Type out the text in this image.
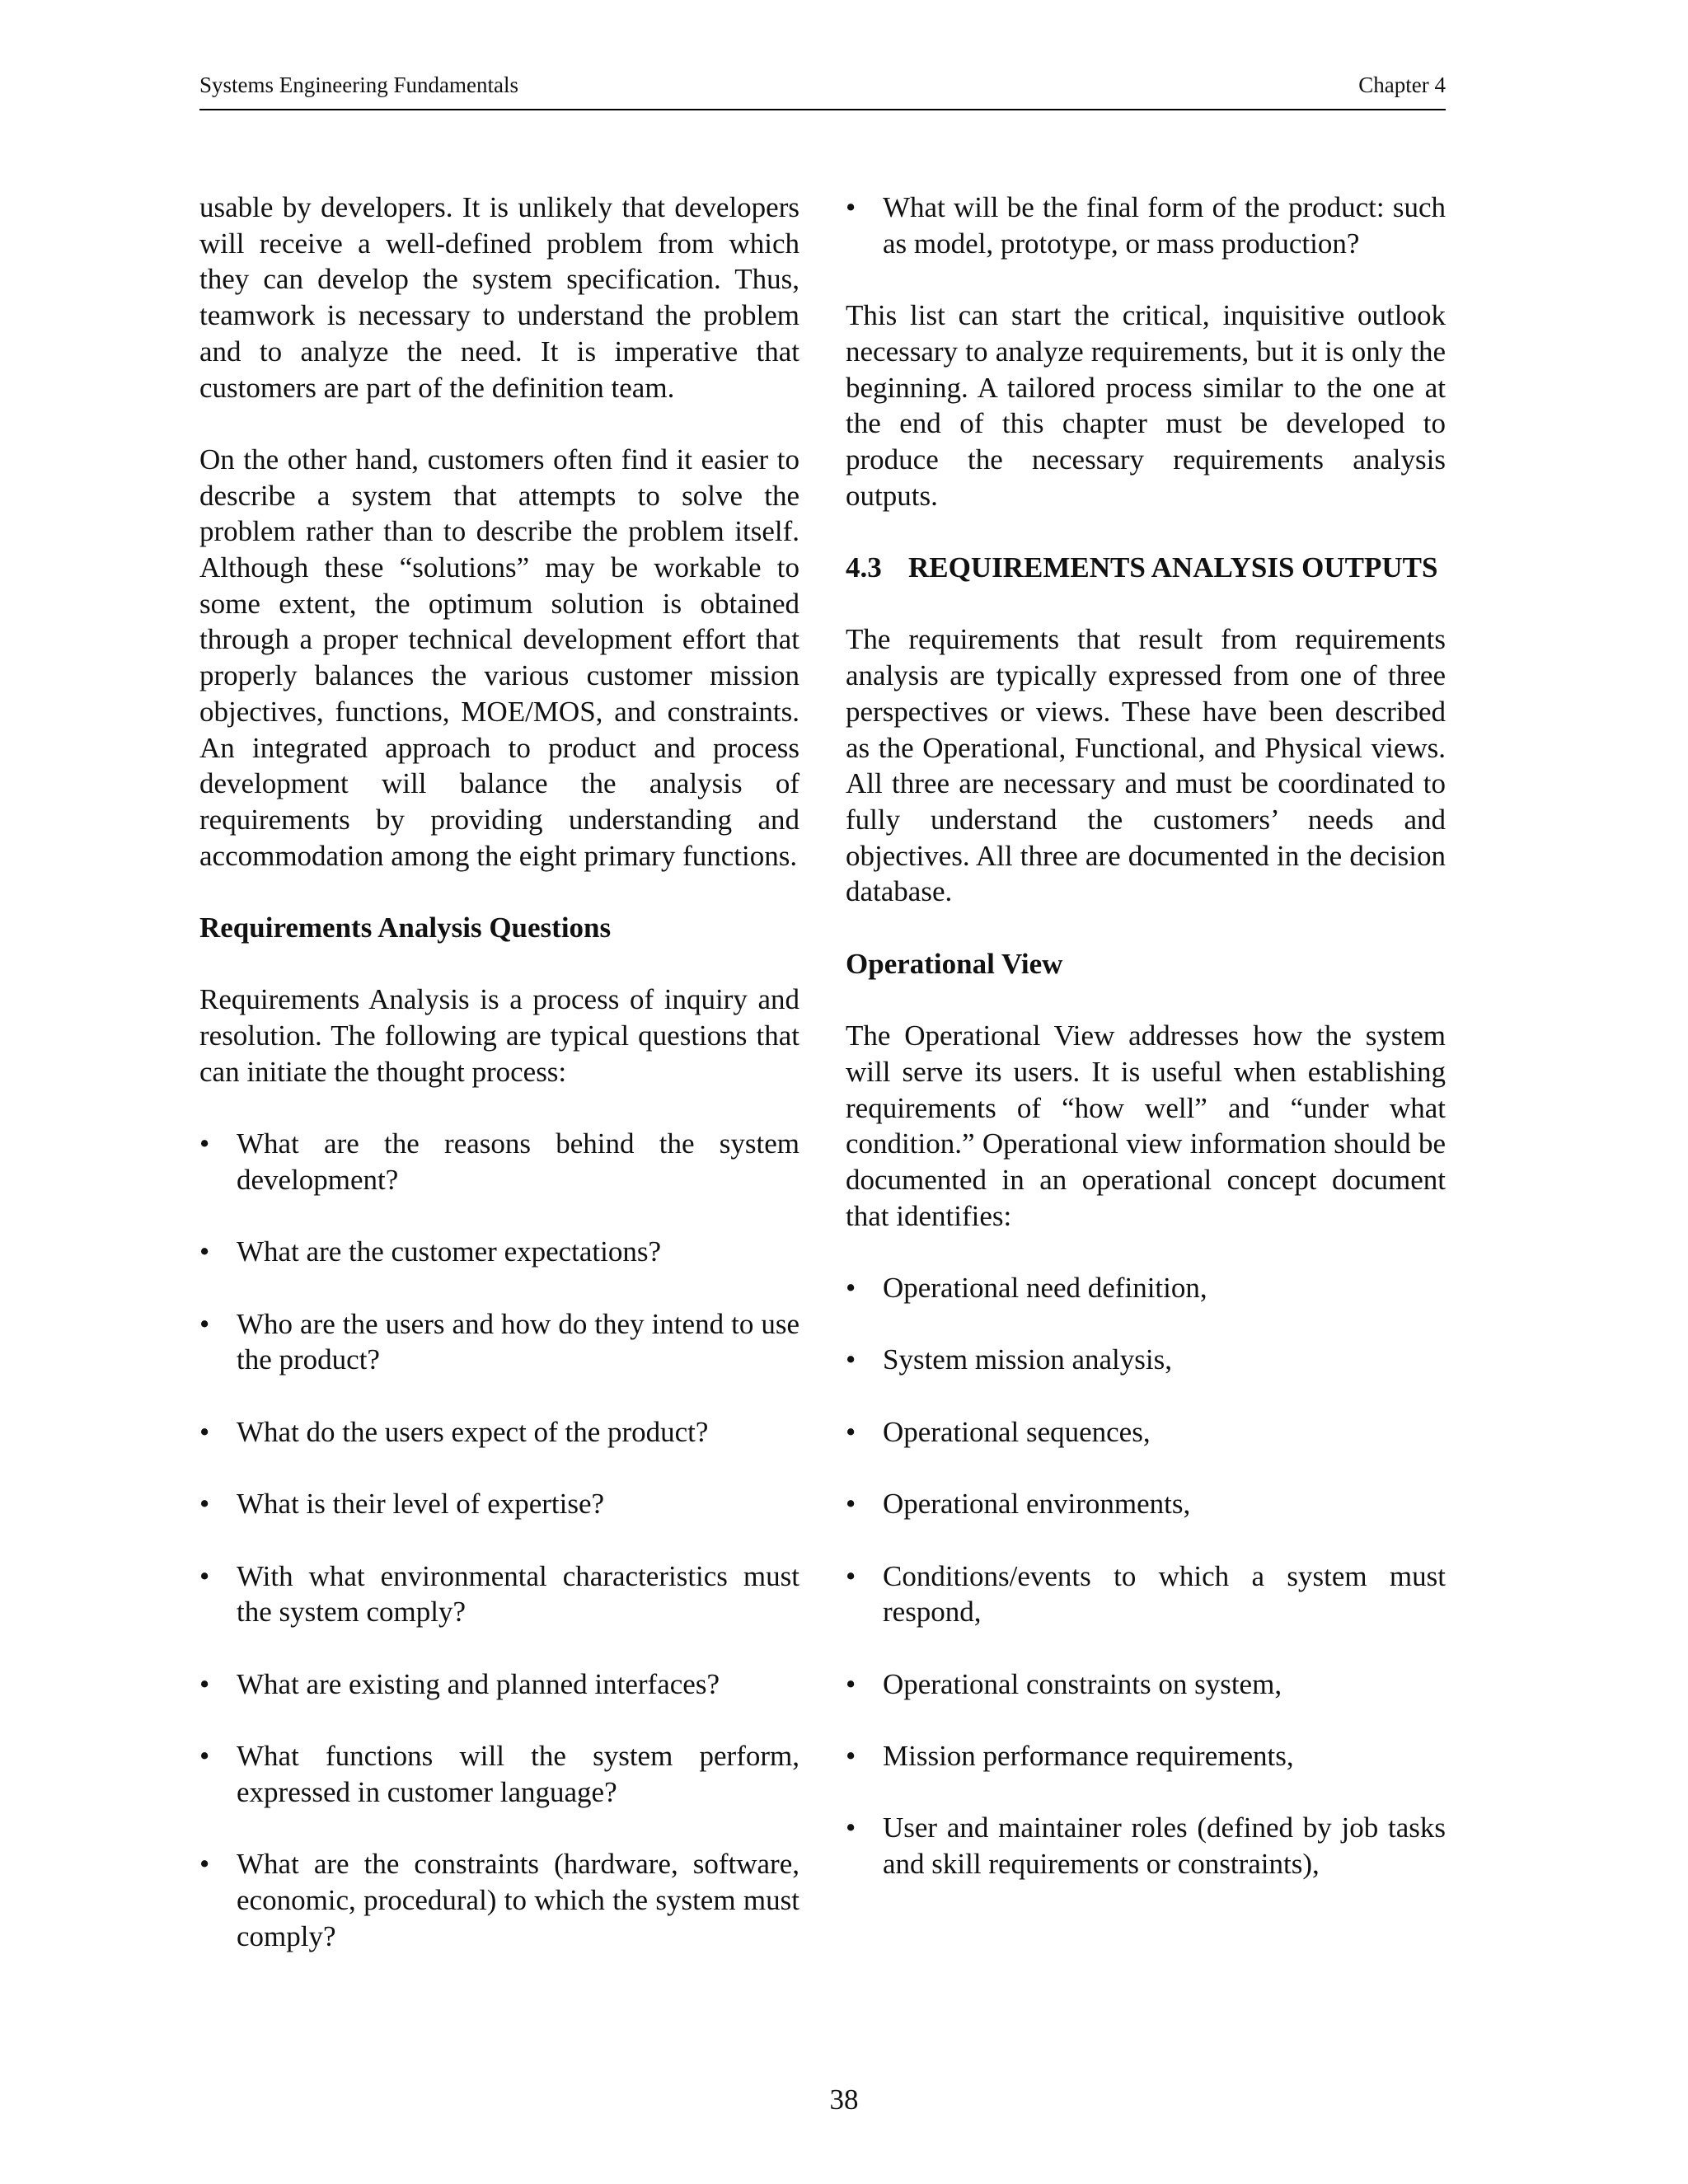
Systems Engineering Fundamentals	Chapter 4

usable by developers. It is unlikely that developers will receive a well-defined problem from which they can develop the system specification. Thus, teamwork is necessary to understand the problem and to analyze the need. It is imperative that customers are part of the definition team.

On the other hand, customers often find it easier to describe a system that attempts to solve the problem rather than to describe the problem itself. Although these “solutions” may be workable to some extent, the optimum solution is obtained through a proper technical development effort that properly balances the various customer mission objectives, functions, MOE/MOS, and constraints. An integrated approach to product and process development will balance the analysis of requirements by providing understanding and accommodation among the eight primary functions.

Requirements Analysis Questions

Requirements Analysis is a process of inquiry and resolution. The following are typical questions that can initiate the thought process:

• What are the reasons behind the system development?
• What are the customer expectations?
• Who are the users and how do they intend to use the product?
• What do the users expect of the product?
• What is their level of expertise?
• With what environmental characteristics must the system comply?
• What are existing and planned interfaces?
• What functions will the system perform, expressed in customer language?
• What are the constraints (hardware, software, economic, procedural) to which the system must comply?
• What will be the final form of the product: such as model, prototype, or mass production?

This list can start the critical, inquisitive outlook necessary to analyze requirements, but it is only the beginning. A tailored process similar to the one at the end of this chapter must be developed to produce the necessary requirements analysis outputs.

4.3 REQUIREMENTS ANALYSIS OUTPUTS

The requirements that result from requirements analysis are typically expressed from one of three perspectives or views. These have been described as the Operational, Functional, and Physical views. All three are necessary and must be coordinated to fully understand the customers’ needs and objectives. All three are documented in the decision database.

Operational View

The Operational View addresses how the system will serve its users. It is useful when establishing requirements of “how well” and “under what condition.” Operational view information should be documented in an operational concept document that identifies:

• Operational need definition,
• System mission analysis,
• Operational sequences,
• Operational environments,
• Conditions/events to which a system must respond,
• Operational constraints on system,
• Mission performance requirements,
• User and maintainer roles (defined by job tasks and skill requirements or constraints),
38
